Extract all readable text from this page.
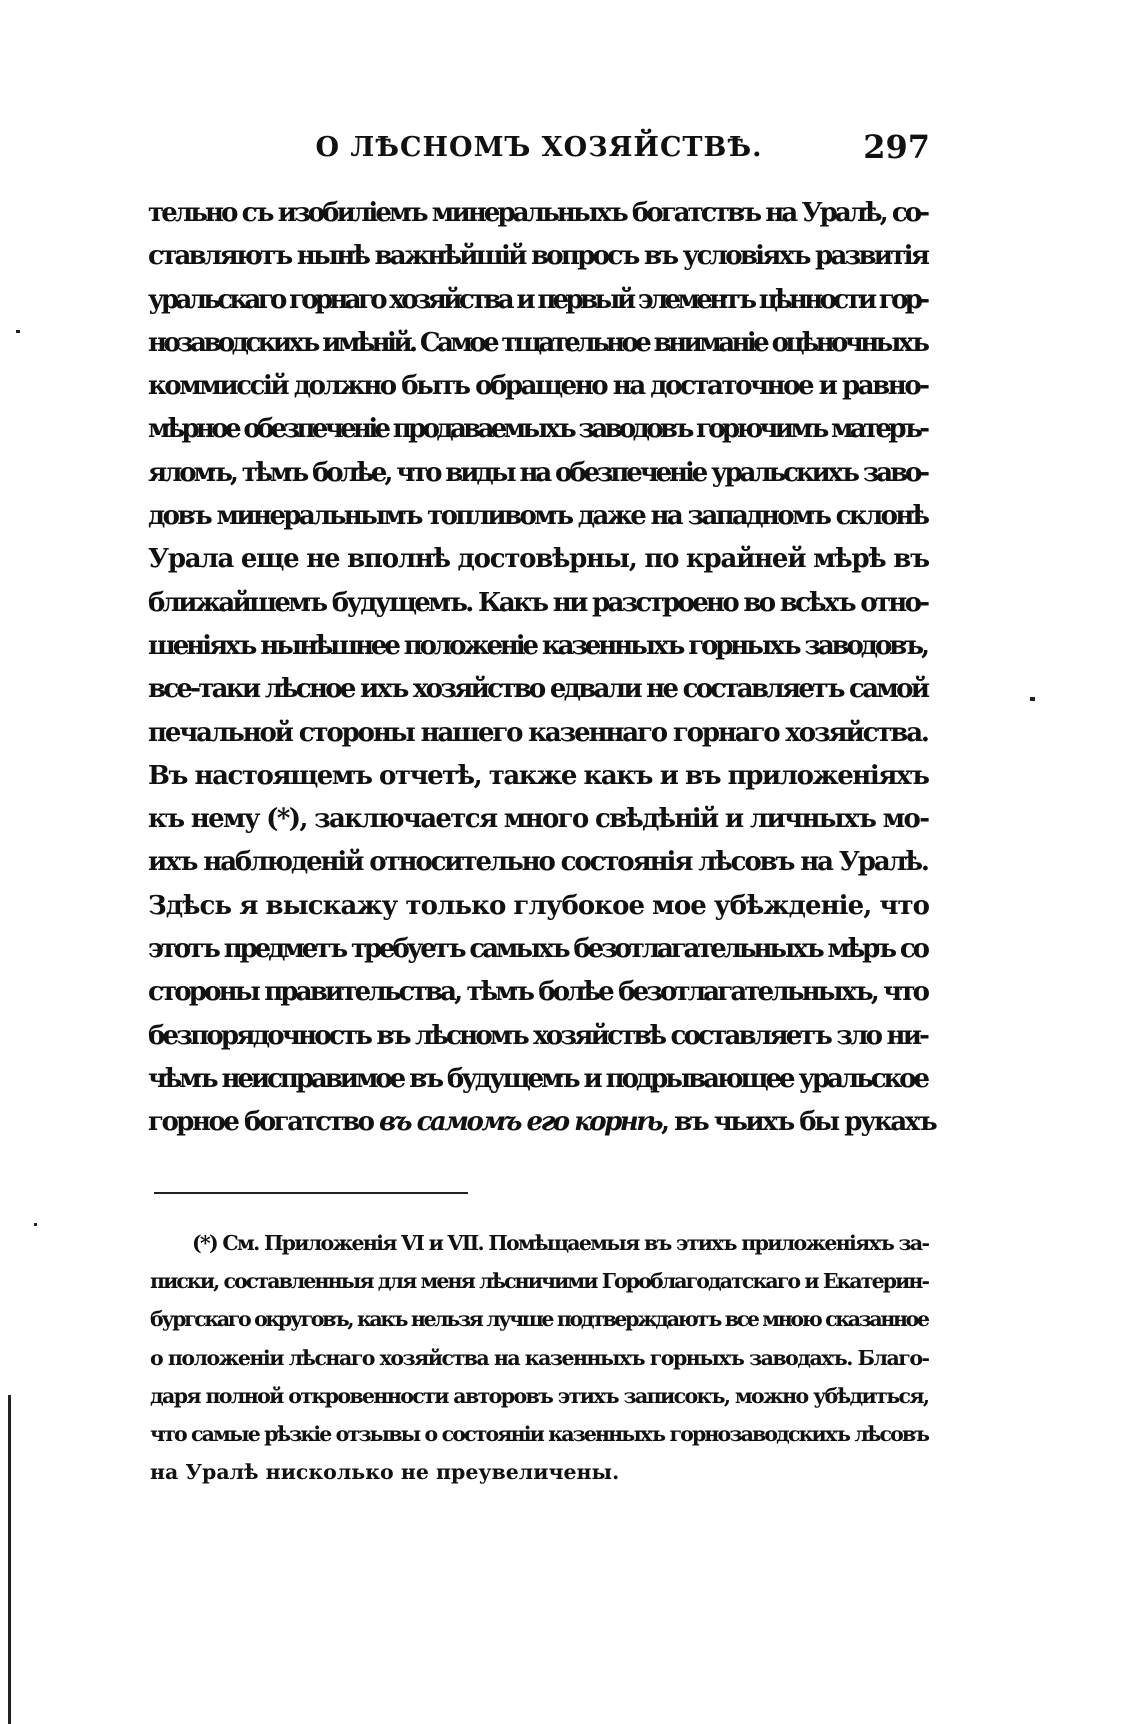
О ЛѢСНОМЪ ХОЗЯЙСТВѢ.	297
тельно съ изобиліемъ минеральныхъ богатствъ на Уралѣ, со-
ставляютъ нынѣ важнѣйшій вопросъ въ условіяхъ развитія
уральскаго горнаго хозяйства и первый элементъ цѣнности гор-
нозаводскихъ имѣній. Самое тщательное вниманіе оцѣночныхъ
коммиссій должно быть обращено на достаточное и равно-
мѣрное обезпеченіе продаваемыхъ заводовъ горючимъ матеръ-
яломъ, тѣмъ болѣе, что виды на обезпеченіе уральскихъ заво-
довъ минеральнымъ топливомъ даже на западномъ склонѣ
Урала еще не вполнѣ достовѣрны, по крайней мѣрѣ въ
ближайшемъ будущемъ. Какъ ни разстроено во всѣхъ отно-
шеніяхъ нынѣшнее положеніе казенныхъ горныхъ заводовъ,
все-таки лѣсное ихъ хозяйство едвали не составляетъ самой
печальной стороны нашего казеннаго горнаго хозяйства.
Въ настоящемъ отчетѣ, также какъ и въ приложеніяхъ
къ нему (*), заключается много свѣдѣній и личныхъ мо-
ихъ наблюденій относительно состоянія лѣсовъ на Уралѣ.
Здѣсь я выскажу только глубокое мое убѣжденіе, что
этотъ предметъ требуетъ самыхъ безотлагательныхъ мѣръ со
стороны правительства, тѣмъ болѣе безотлагательныхъ, что
безпорядочность въ лѣсномъ хозяйствѣ составляетъ зло ни-
чѣмъ неисправимое въ будущемъ и подрывающее уральское
горное богатство въ самомъ его корнѣ, въ чьихъ бы рукахъ
(*) См. Приложенія VI и VII. Помѣщаемыя въ этихъ приложеніяхъ за-
писки, составленныя для меня лѣсничими Гороблагодатскаго и Екатерин-
бургскаго округовъ, какъ нельзя лучше подтверждаютъ все мною сказанное
о положеніи лѣснаго хозяйства на казенныхъ горныхъ заводахъ. Благо-
даря полной откровенности авторовъ этихъ записокъ, можно убѣдиться,
что самые рѣзкіе отзывы о состояніи казенныхъ горнозаводскихъ лѣсовъ
на Уралѣ нисколько не преувеличены.
